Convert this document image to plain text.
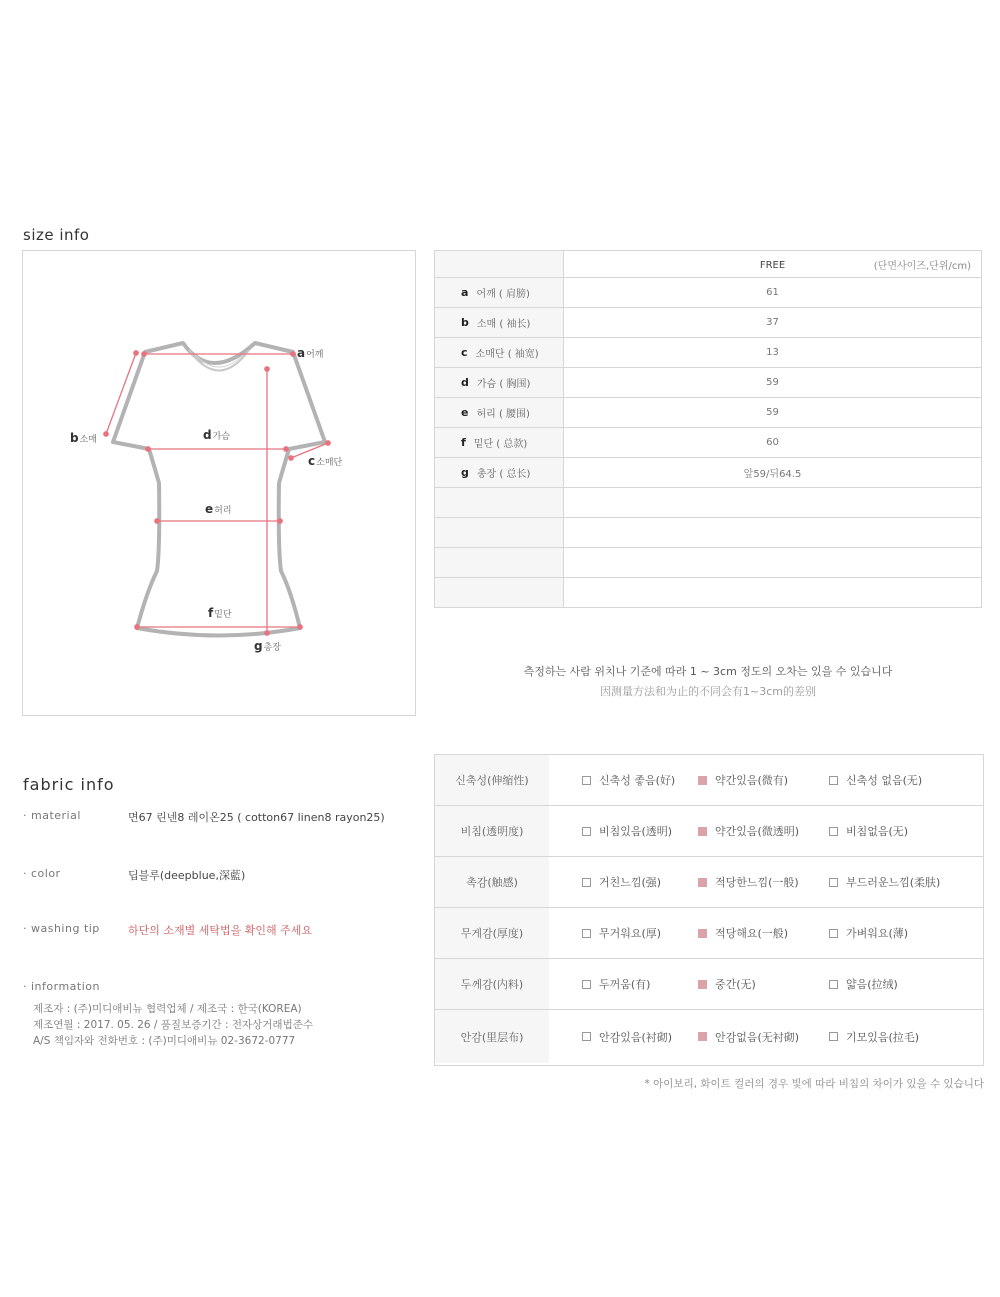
size info
a어깨
b소매
c소매단
d가슴
e허리
f밑단
g총장
FREE	(단면사이즈,단위/cm)
a 어깨 ( 肩膀)	61
b 소매 ( 袖长)	37
c 소매단 ( 袖宽)	13
d 가슴 ( 胸围)	59
e 허리 ( 腰围)	59
f 밑단 ( 总款)	60
g 총장 ( 总长)	앞59/뒤64.5
측정하는 사람 위치나 기준에 따라 1 ~ 3cm 정도의 오차는 있을 수 있습니다
因测量方法和为止的不同会有1~3cm的差别
fabric info
· material	면67 린넨8 레이온25 ( cotton67 linen8 rayon25)
· color	딥블루(deepblue,深藍)
· washing tip	하단의 소재별 세탁법을 확인해 주세요
· information
제조자 : (주)미디애비뉴 협력업체 / 제조국 : 한국(KOREA)
제조연월 : 2017. 05. 26 / 품질보증기간 : 전자상거래법준수
A/S 책임자와 전화번호 : (주)미디애비뉴 02-3672-0777
신축성(伸缩性)	신축성 좋음(好)	약간있음(微有)	신축성 없음(无)
비침(透明度)	비침있음(透明)	약간있음(微透明)	비침없음(无)
촉감(触感)	거친느낌(强)	적당한느낌(一般)	부드러운느낌(柔肤)
무게감(厚度)	무거워요(厚)	적당해요(一般)	가벼워요(薄)
두께감(内料)	두꺼움(有)	중간(无)	얇음(拉绒)
안감(里层布)	안감있음(衬砌)	안감없음(无衬砌)	기모있음(拉毛)
* 아이보리, 화이트 컬러의 경우 빛에 따라 비침의 차이가 있을 수 있습니다
